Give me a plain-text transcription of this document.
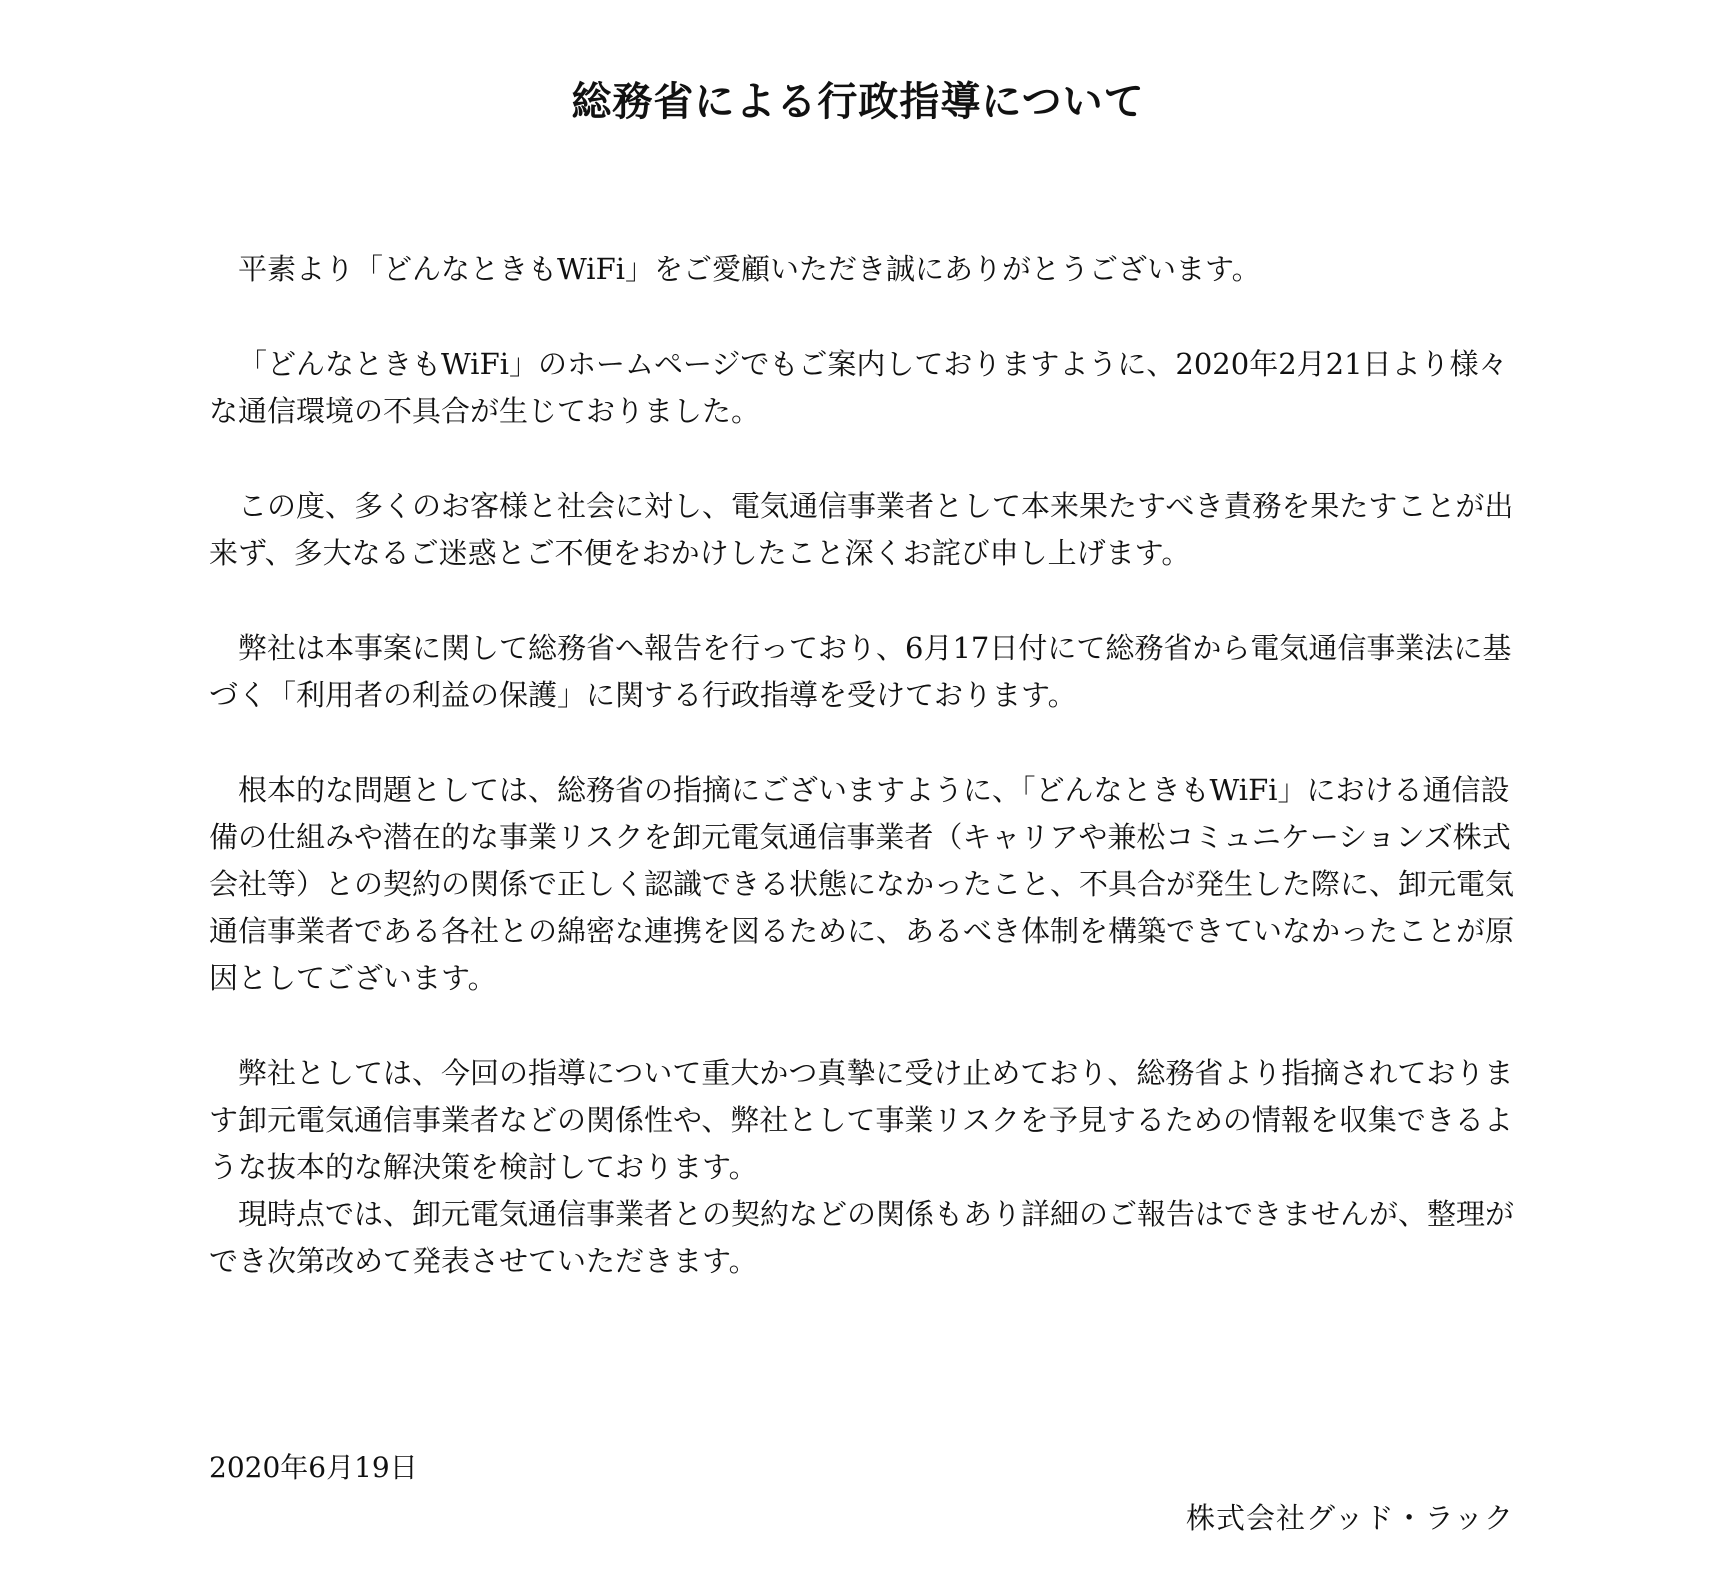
総務省による行政指導について

平素より「どんなときもWiFi」をご愛顧いただき誠にありがとうございます。

「どんなときもWiFi」のホームページでもご案内しておりますように、2020年2月21日より様々な通信環境の不具合が生じておりました。

この度、多くのお客様と社会に対し、電気通信事業者として本来果たすべき責務を果たすことが出来ず、多大なるご迷惑とご不便をおかけしたこと深くお詫び申し上げます。

弊社は本事案に関して総務省へ報告を行っており、6月17日付にて総務省から電気通信事業法に基づく「利用者の利益の保護」に関する行政指導を受けております。

根本的な問題としては、総務省の指摘にございますように、「どんなときもWiFi」における通信設備の仕組みや潜在的な事業リスクを卸元電気通信事業者（キャリアや兼松コミュニケーションズ株式会社等）との契約の関係で正しく認識できる状態になかったこと、不具合が発生した際に、卸元電気通信事業者である各社との綿密な連携を図るために、あるべき体制を構築できていなかったことが原因としてございます。

弊社としては、今回の指導について重大かつ真摯に受け止めており、総務省より指摘されております卸元電気通信事業者などの関係性や、弊社として事業リスクを予見するための情報を収集できるような抜本的な解決策を検討しております。

現時点では、卸元電気通信事業者との契約などの関係もあり詳細のご報告はできませんが、整理ができ次第改めて発表させていただきます。

2020年6月19日

株式会社グッド・ラック
